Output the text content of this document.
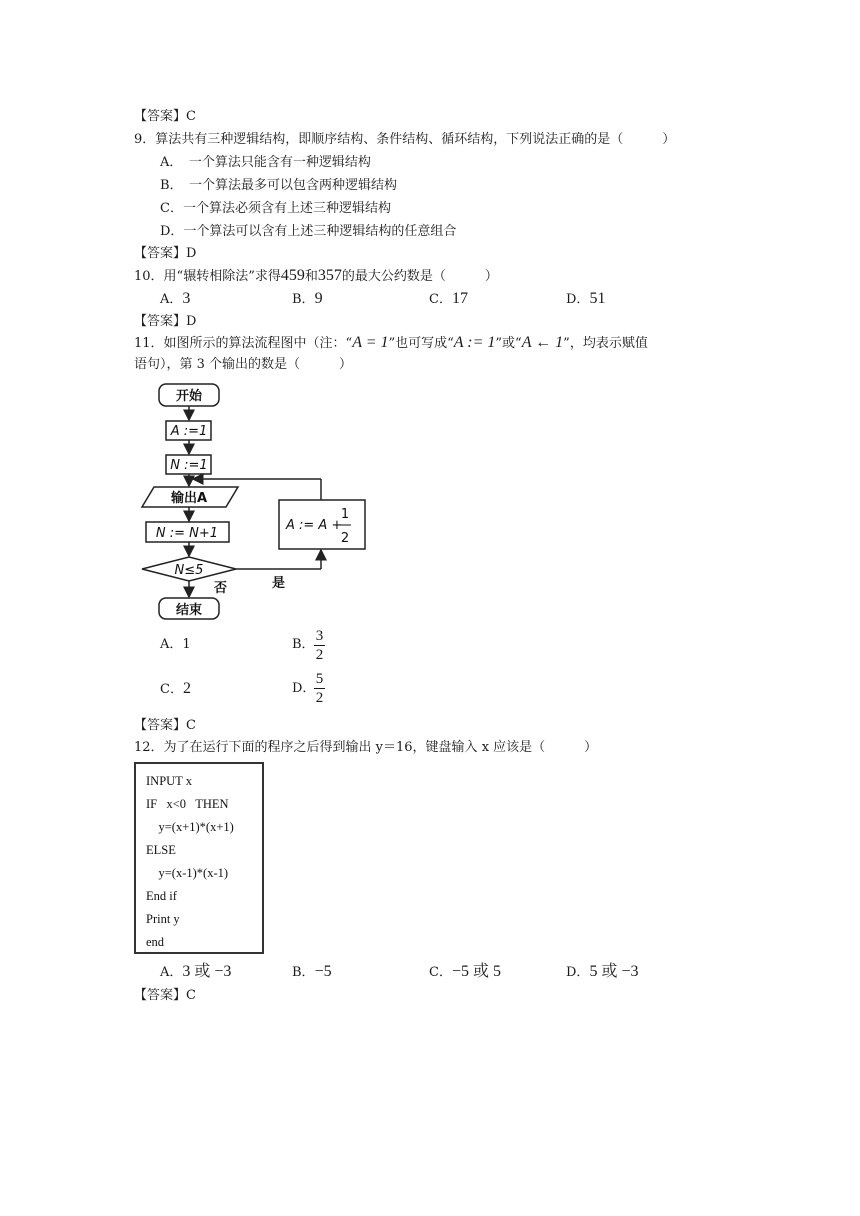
【答案】C
9．算法共有三种逻辑结构，即顺序结构、条件结构、循环结构，下列说法正确的是（　　　）
A．　一个算法只能含有一种逻辑结构
B．　一个算法最多可以包含两种逻辑结构
C．一个算法必须含有上述三种逻辑结构
D．一个算法可以含有上述三种逻辑结构的任意组合
【答案】D
10．用“辗转相除法”求得459和357的最大公约数是（　　　）
A．3	B．9	C．17	D．51
【答案】D
11．如图所示的算法流程图中（注：“A = 1”也可写成“A := 1”或“A ← 1”，均表示赋值
语句），第 3 个输出的数是（　　　）
开始
A :=1
N :=1
输出A
N := N+1
N≤5
否	是
结束
A := A +
1
2
A．1	B．
3
2
C．2	D．
5
2
【答案】C
12．为了在运行下面的程序之后得到输出 y＝16，键盘输入 x 应该是（　　　）
INPUT x
IF   x<0   THEN
y=(x+1)*(x+1)
ELSE
y=(x-1)*(x-1)
End if
Print y
end
A．3 或 −3	B．−5	C．−5 或 5	D．5 或 −3
【答案】C
